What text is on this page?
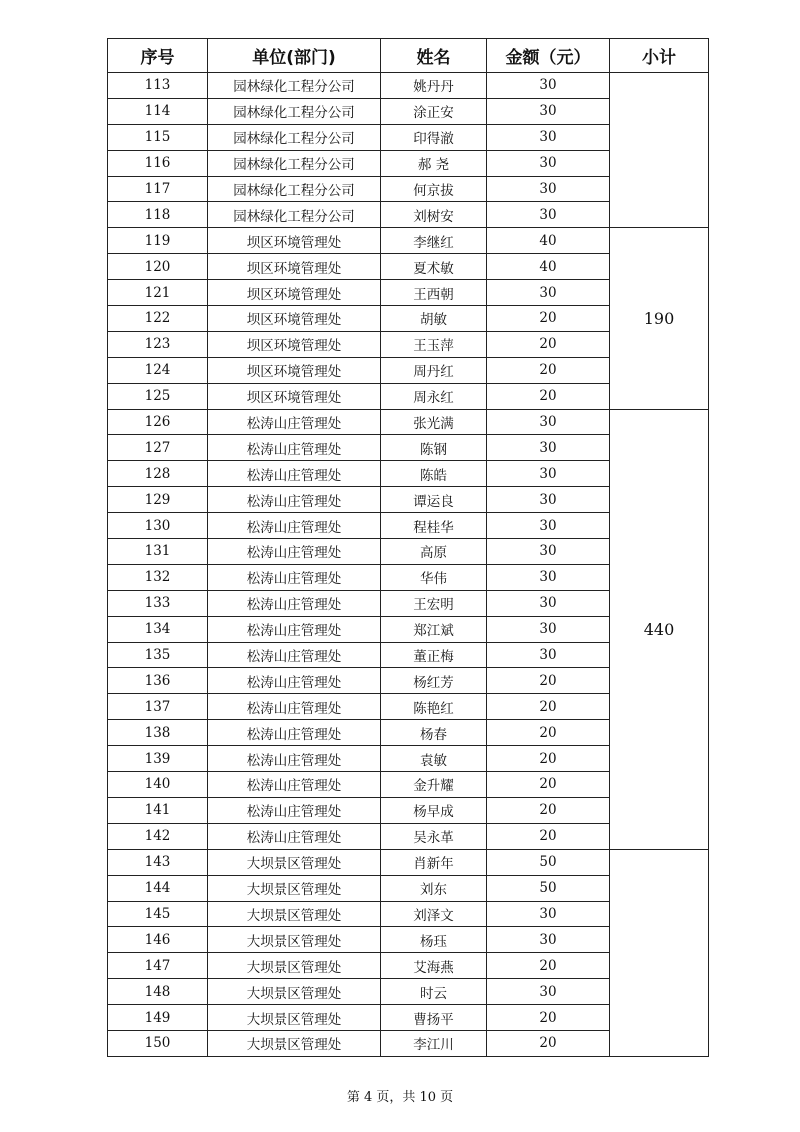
序号	单位(部门)	姓名	金额（元）	小计
113	园林绿化工程分公司	姚丹丹	30	
114	园林绿化工程分公司	涂正安	30	
115	园林绿化工程分公司	印得澈	30	
116	园林绿化工程分公司	郝 尧	30	
117	园林绿化工程分公司	何京拔	30	
118	园林绿化工程分公司	刘树安	30	
119	坝区环境管理处	李继红	40	190
120	坝区环境管理处	夏术敏	40	
121	坝区环境管理处	王西朝	30	
122	坝区环境管理处	胡敏	20	
123	坝区环境管理处	王玉萍	20	
124	坝区环境管理处	周丹红	20	
125	坝区环境管理处	周永红	20	
126	松涛山庄管理处	张光满	30	440
127	松涛山庄管理处	陈钢	30	
128	松涛山庄管理处	陈皓	30	
129	松涛山庄管理处	谭运良	30	
130	松涛山庄管理处	程桂华	30	
131	松涛山庄管理处	高原	30	
132	松涛山庄管理处	华伟	30	
133	松涛山庄管理处	王宏明	30	
134	松涛山庄管理处	郑江斌	30	
135	松涛山庄管理处	董正梅	30	
136	松涛山庄管理处	杨红芳	20	
137	松涛山庄管理处	陈艳红	20	
138	松涛山庄管理处	杨春	20	
139	松涛山庄管理处	袁敏	20	
140	松涛山庄管理处	金升耀	20	
141	松涛山庄管理处	杨早成	20	
142	松涛山庄管理处	吴永革	20	
143	大坝景区管理处	肖新年	50	
144	大坝景区管理处	刘东	50	
145	大坝景区管理处	刘泽文	30	
146	大坝景区管理处	杨珏	30	
147	大坝景区管理处	艾海燕	20	
148	大坝景区管理处	时云	30	
149	大坝景区管理处	曹扬平	20	
150	大坝景区管理处	李江川	20	
第 4 页，共 10 页
